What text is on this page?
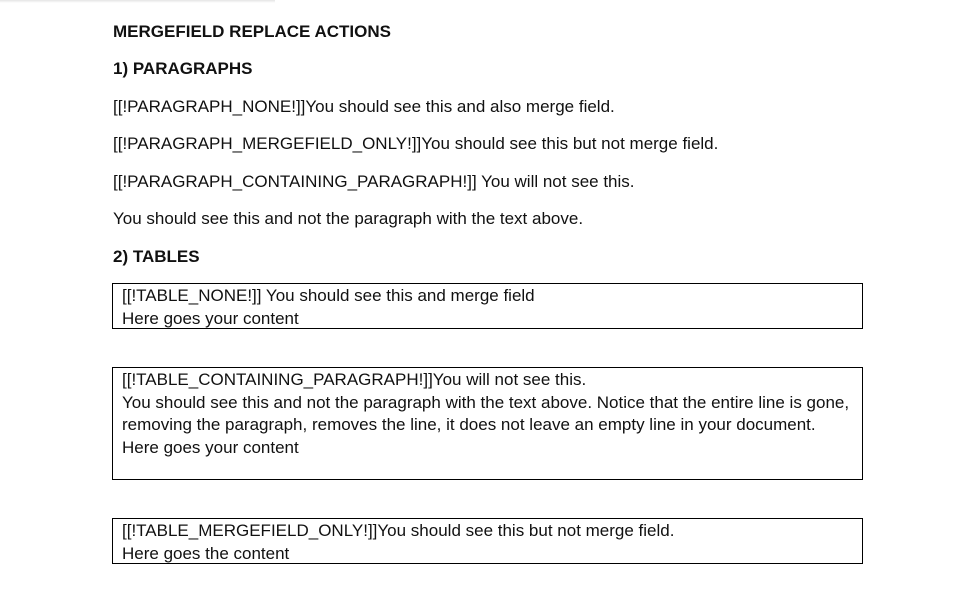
MERGEFIELD REPLACE ACTIONS
1) PARAGRAPHS
[[!PARAGRAPH_NONE!]]You should see this and also merge field.
[[!PARAGRAPH_MERGEFIELD_ONLY!]]You should see this but not merge field.
[[!PARAGRAPH_CONTAINING_PARAGRAPH!]] You will not see this.
You should see this and not the paragraph with the text above.
2) TABLES
[[!TABLE_NONE!]] You should see this and merge field
Here goes your content
[[!TABLE_CONTAINING_PARAGRAPH!]]You will not see this.
You should see this and not the paragraph with the text above. Notice that the entire line is gone, removing the paragraph, removes the line, it does not leave an empty line in your document.
Here goes your content
[[!TABLE_MERGEFIELD_ONLY!]]You should see this but not merge field.
Here goes the content
